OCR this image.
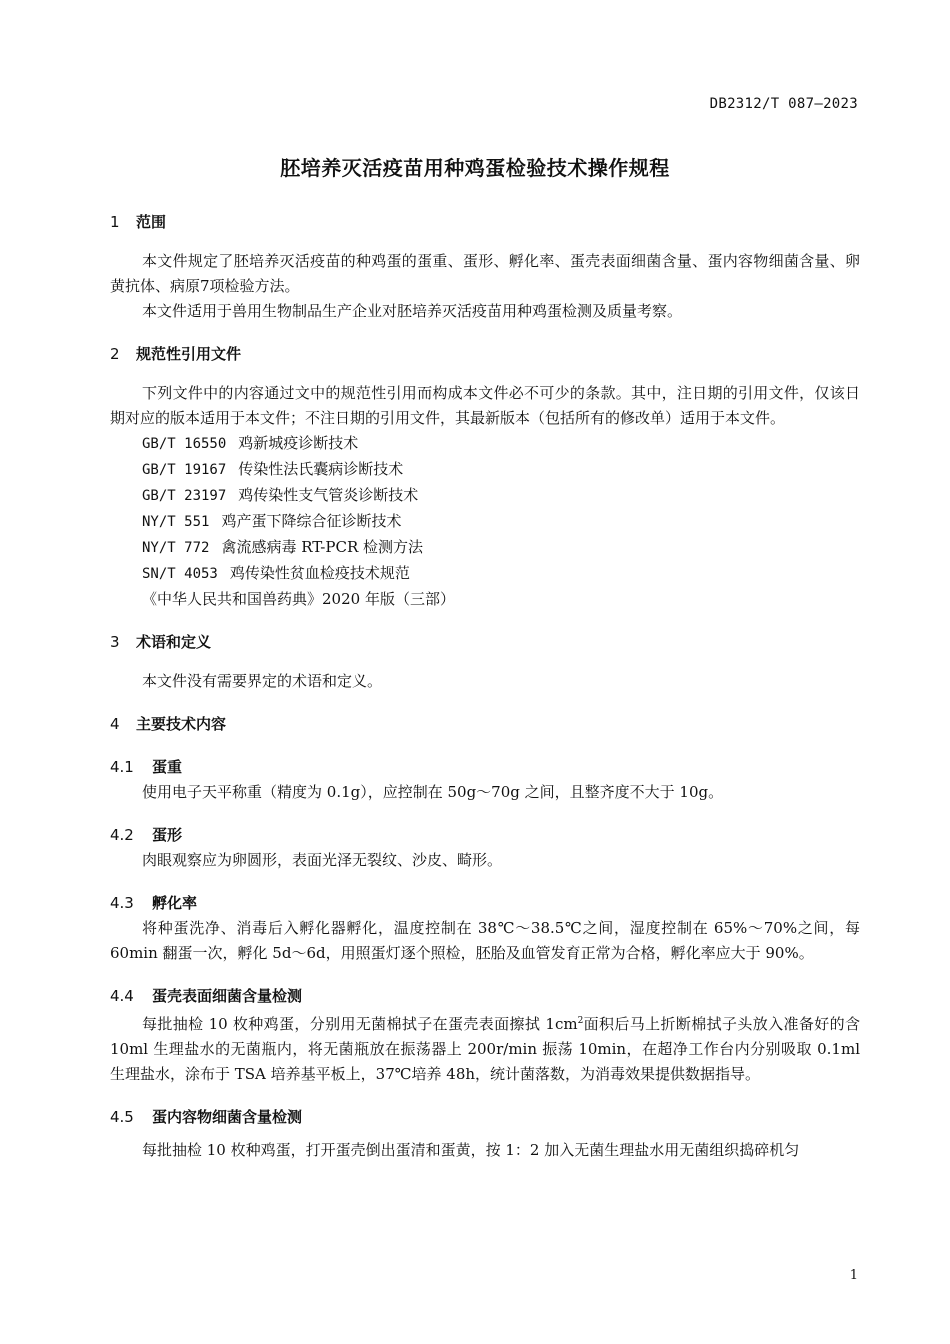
DB2312/T 087—2023
胚培养灭活疫苗用种鸡蛋检验技术操作规程
1 范围

本文件规定了胚培养灭活疫苗的种鸡蛋的蛋重、蛋形、孵化率、蛋壳表面细菌含量、蛋内容物细菌含量、卵黄抗体、病原7项检验方法。

本文件适用于兽用生物制品生产企业对胚培养灭活疫苗用种鸡蛋检测及质量考察。

2 规范性引用文件

下列文件中的内容通过文中的规范性引用而构成本文件必不可少的条款。其中，注日期的引用文件，仅该日期对应的版本适用于本文件；不注日期的引用文件，其最新版本（包括所有的修改单）适用于本文件。

GB/T 16550 鸡新城疫诊断技术
GB/T 19167 传染性法氏囊病诊断技术
GB/T 23197 鸡传染性支气管炎诊断技术
NY/T 551 鸡产蛋下降综合征诊断技术
NY/T 772 禽流感病毒 RT-PCR 检测方法
SN/T 4053 鸡传染性贫血检疫技术规范
《中华人民共和国兽药典》2020 年版（三部）
3 术语和定义

本文件没有需要界定的术语和定义。

4 主要技术内容
4.1 蛋重

使用电子天平称重（精度为 0.1g），应控制在 50g～70g 之间，且整齐度不大于 10g。

4.2 蛋形

肉眼观察应为卵圆形，表面光泽无裂纹、沙皮、畸形。

4.3 孵化率

将种蛋洗净、消毒后入孵化器孵化，温度控制在 38℃～38.5℃之间，湿度控制在 65%～70%之间，每 60min 翻蛋一次，孵化 5d～6d，用照蛋灯逐个照检，胚胎及血管发育正常为合格，孵化率应大于 90%。

4.4 蛋壳表面细菌含量检测

每批抽检 10 枚种鸡蛋，分别用无菌棉拭子在蛋壳表面擦拭 $1cm^2$面积后马上折断棉拭子头放入准备好的含 10ml 生理盐水的无菌瓶内，将无菌瓶放在振荡器上 200r/min 振荡 10min，在超净工作台内分别吸取 0.1ml 生理盐水，涂布于 TSA 培养基平板上，37℃培养 48h，统计菌落数，为消毒效果提供数据指导。

4.5 蛋内容物细菌含量检测

每批抽检 10 枚种鸡蛋，打开蛋壳倒出蛋清和蛋黄，按 1：2 加入无菌生理盐水用无菌组织捣碎机匀

1
